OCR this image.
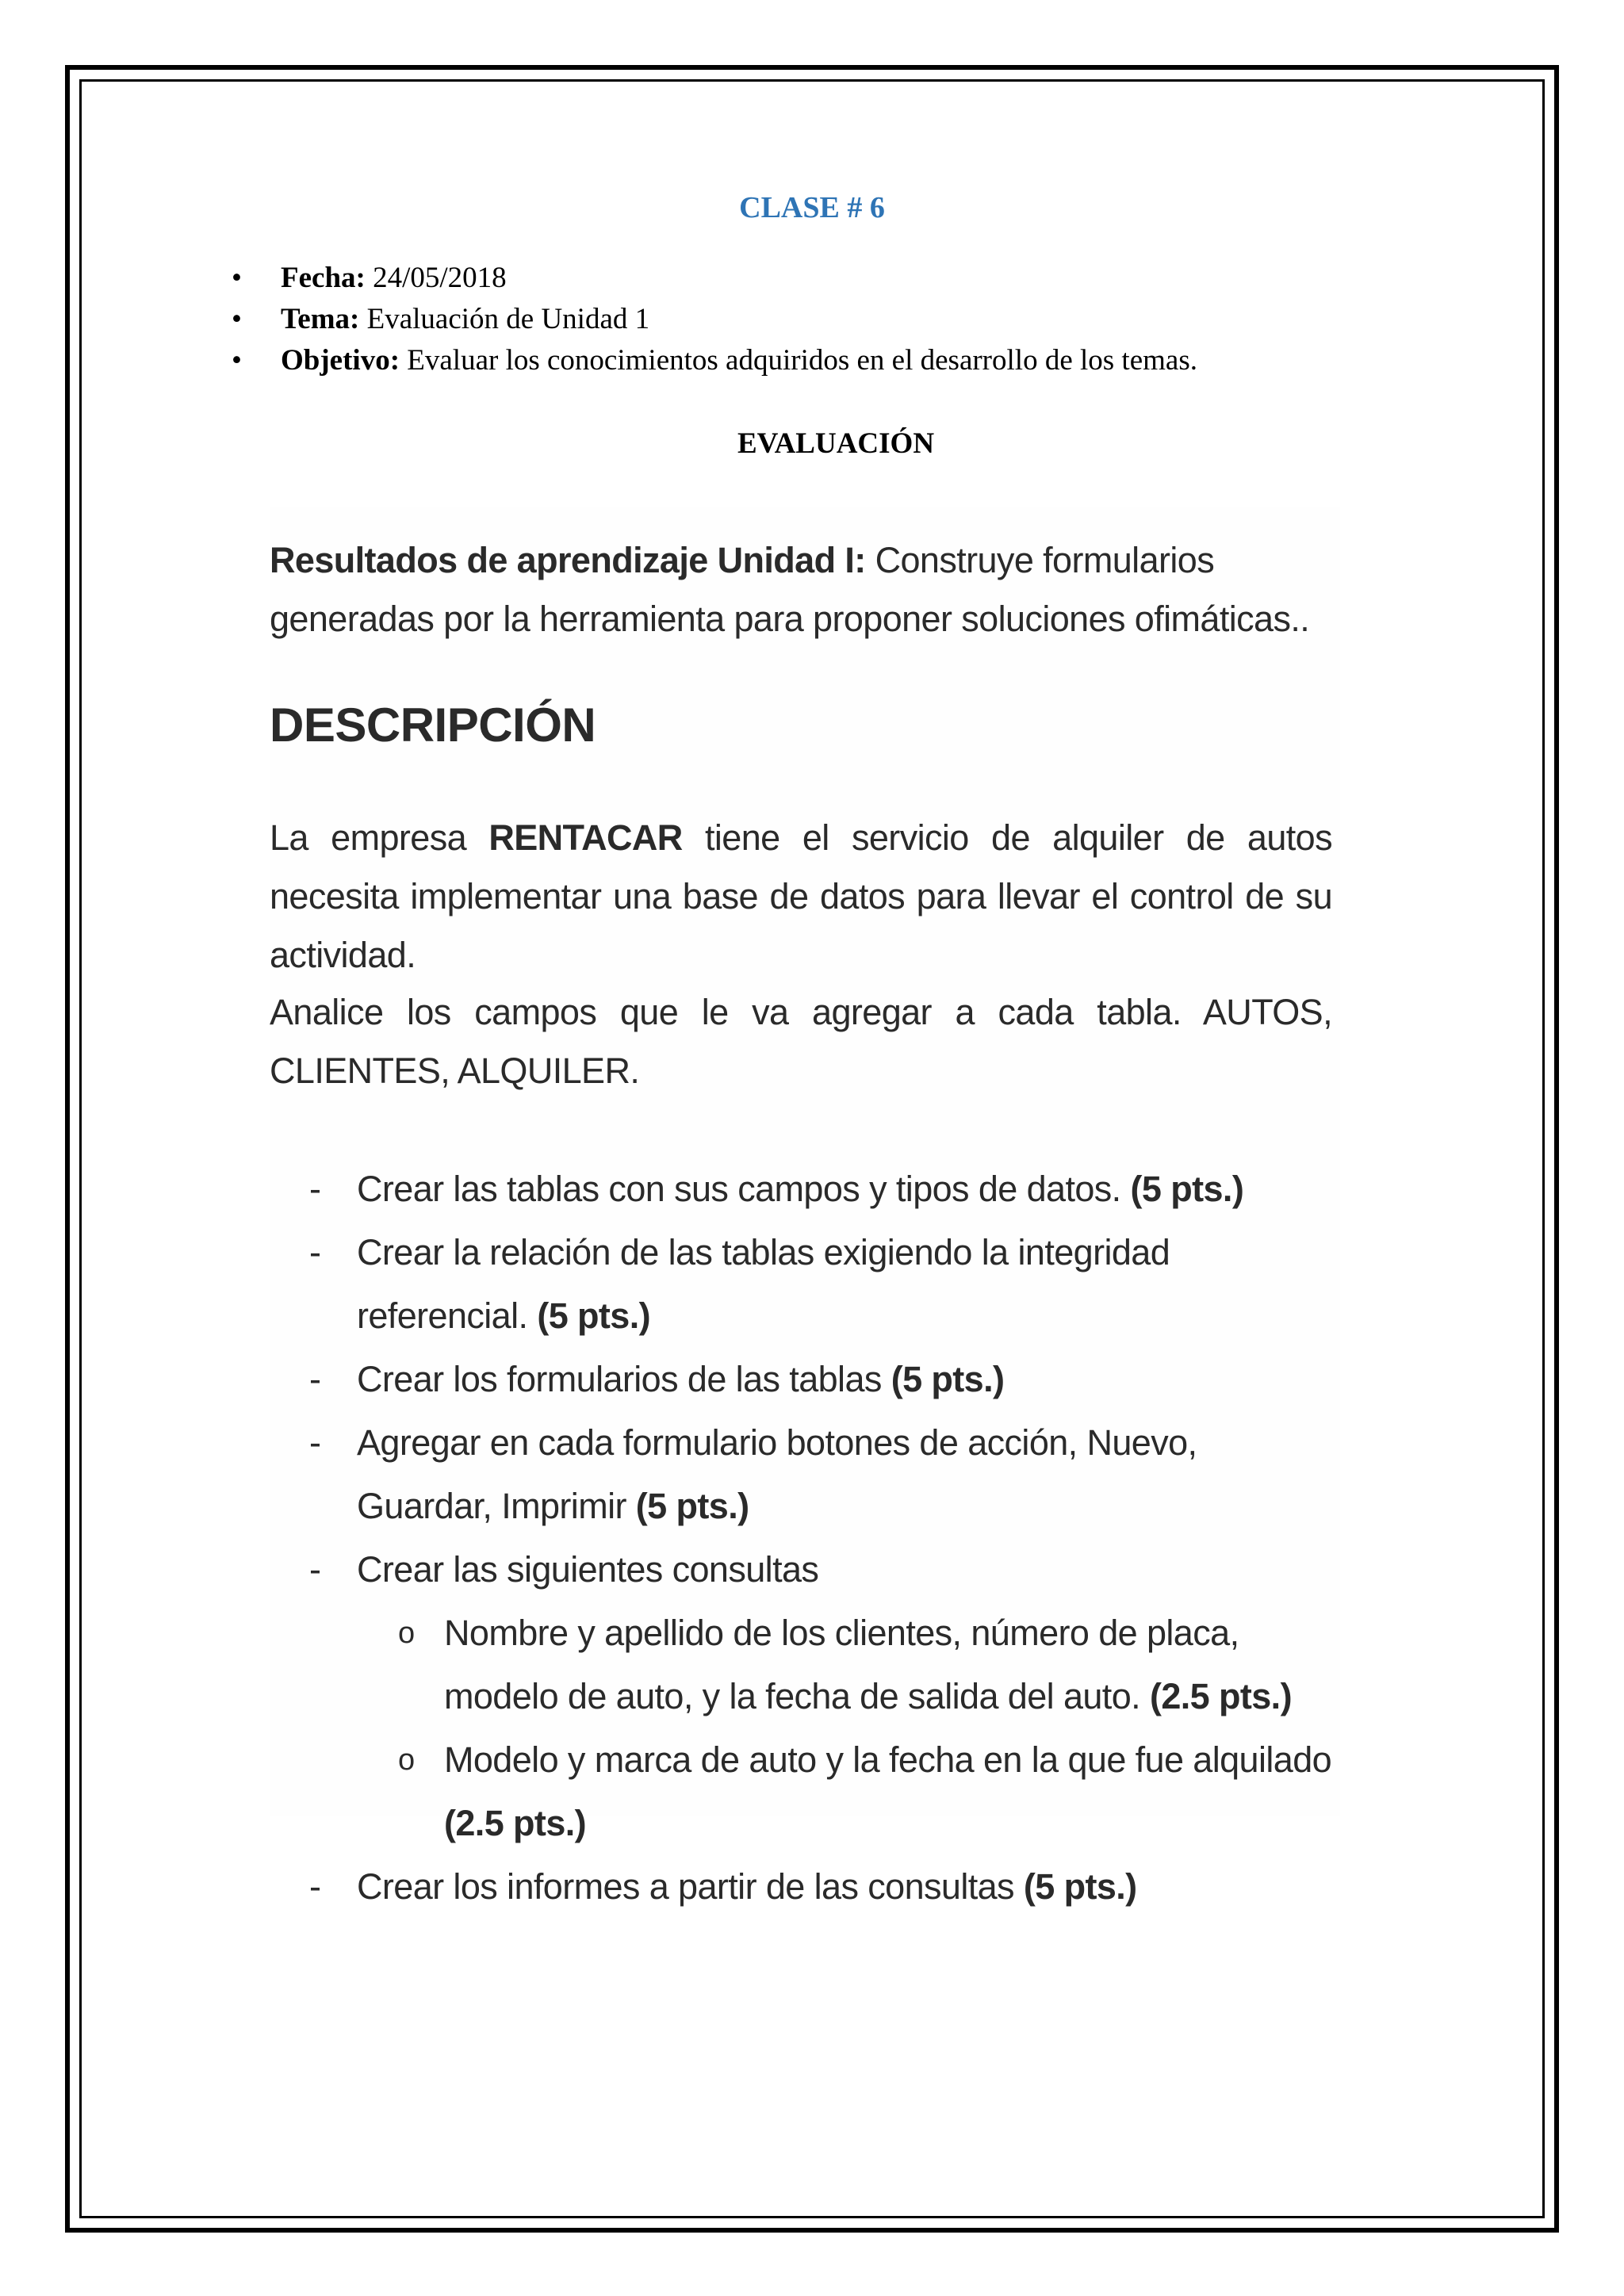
CLASE # 6
• Fecha: 24/05/2018
• Tema: Evaluación de Unidad 1
• Objetivo: Evaluar los conocimientos adquiridos en el desarrollo de los temas.
EVALUACIÓN
Resultados de aprendizaje Unidad I: Construye formularios generadas por la herramienta para proponer soluciones ofimáticas..
DESCRIPCIÓN
La empresa RENTACAR tiene el servicio de alquiler de autos necesita implementar una base de datos para llevar el control de su actividad.
Analice los campos que le va agregar a cada tabla. AUTOS, CLIENTES, ALQUILER.
- Crear las tablas con sus campos y tipos de datos. (5 pts.)
- Crear la relación de las tablas exigiendo la integridad referencial. (5 pts.)
- Crear los formularios de las tablas (5 pts.)
- Agregar en cada formulario botones de acción, Nuevo, Guardar, Imprimir (5 pts.)
- Crear las siguientes consultas
o Nombre y apellido de los clientes, número de placa, modelo de auto, y la fecha de salida del auto. (2.5 pts.)
o Modelo y marca de auto y la fecha en la que fue alquilado (2.5 pts.)
- Crear los informes a partir de las consultas (5 pts.)
